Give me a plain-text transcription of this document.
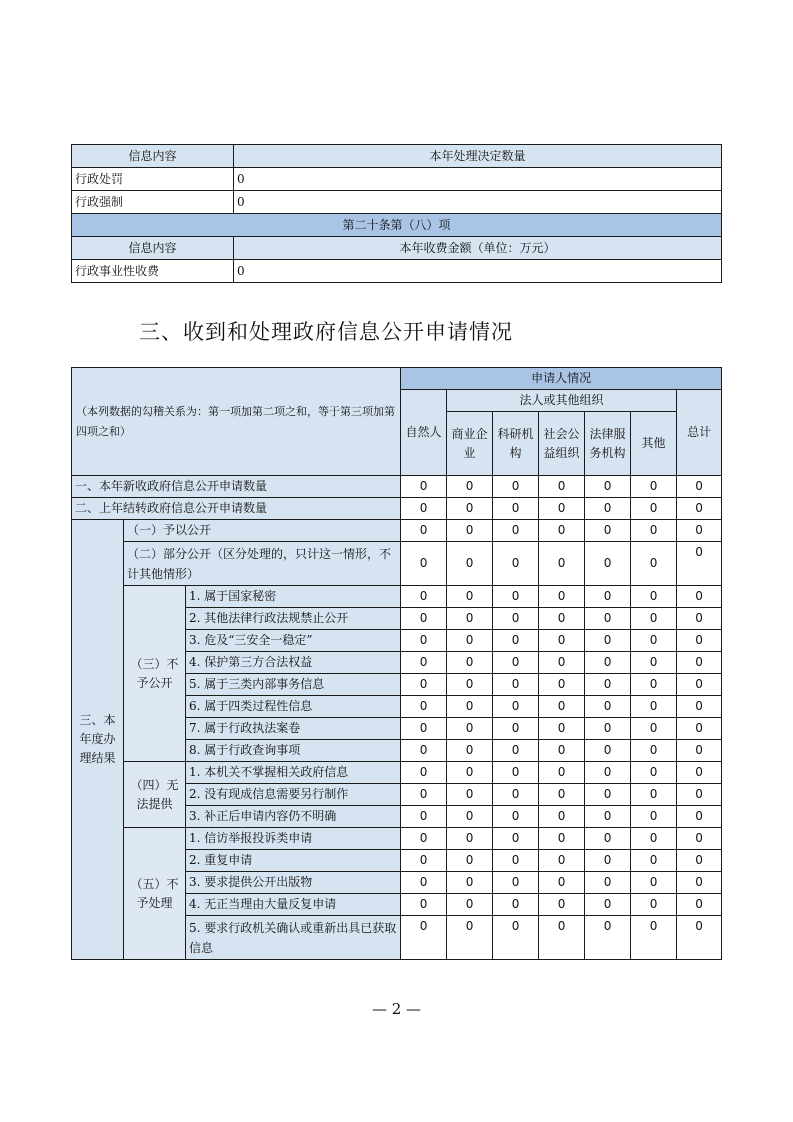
信息内容	本年处理决定数量
行政处罚	0
行政强制	0
第二十条第（八）项	
信息内容	本年收费金额（单位：万元）
行政事业性收费	0
三、收到和处理政府信息公开申请情况
（本列数据的勾稽关系为：第一项加第二项之和，等于第三项加第四项之和）			申请人情况						
			自然人	法人或其他组织					总计
				商业企业	科研机构	社会公益组织	法律服务机构	其他	
一、本年新收政府信息公开申请数量			0	0	0	0	0	0	0
二、上年结转政府信息公开申请数量			0	0	0	0	0	0	0
三、本年度办理结果	（一）予以公开		0	0	0	0	0	0	0
	（二）部分公开（区分处理的，只计这一情形，不计其他情形）		0	0	0	0	0	0	0
	（三）不予公开	1. 属于国家秘密	0	0	0	0	0	0	0
		2. 其他法律行政法规禁止公开	0	0	0	0	0	0	0
		3. 危及“三安全一稳定”	0	0	0	0	0	0	0
		4. 保护第三方合法权益	0	0	0	0	0	0	0
		5. 属于三类内部事务信息	0	0	0	0	0	0	0
		6. 属于四类过程性信息	0	0	0	0	0	0	0
		7. 属于行政执法案卷	0	0	0	0	0	0	0
		8. 属于行政查询事项	0	0	0	0	0	0	0
	（四）无法提供	1. 本机关不掌握相关政府信息	0	0	0	0	0	0	0
		2. 没有现成信息需要另行制作	0	0	0	0	0	0	0
		3. 补正后申请内容仍不明确	0	0	0	0	0	0	0
	（五）不予处理	1. 信访举报投诉类申请	0	0	0	0	0	0	0
		2. 重复申请	0	0	0	0	0	0	0
		3. 要求提供公开出版物	0	0	0	0	0	0	0
		4. 无正当理由大量反复申请	0	0	0	0	0	0	0
		5. 要求行政机关确认或重新出具已获取信息	0	0	0	0	0	0	0
— 2 —
